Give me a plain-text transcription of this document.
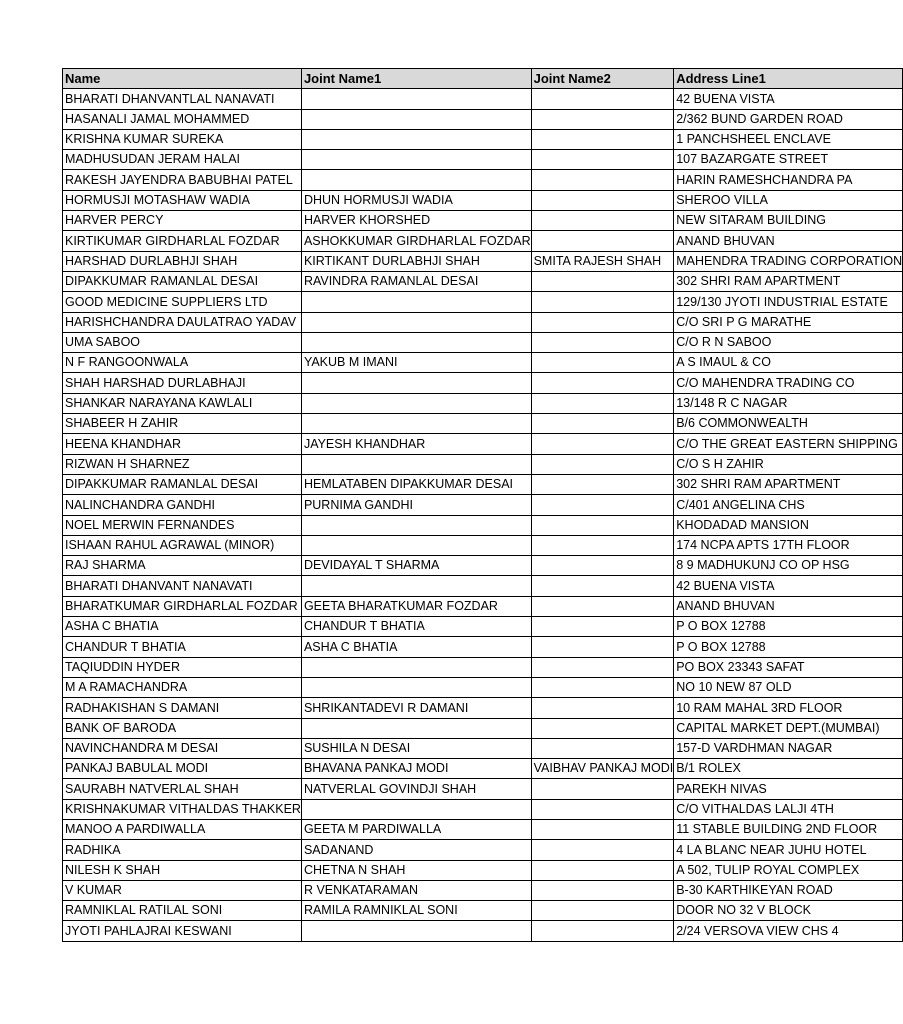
Name	Joint Name1	Joint Name2	Address Line1
BHARATI DHANVANTLAL NANAVATI			42 BUENA VISTA
HASANALI JAMAL MOHAMMED			2/362 BUND GARDEN ROAD
KRISHNA KUMAR SUREKA			1 PANCHSHEEL ENCLAVE
MADHUSUDAN JERAM HALAI			107 BAZARGATE STREET
RAKESH JAYENDRA BABUBHAI PATEL			HARIN RAMESHCHANDRA PA
HORMUSJI MOTASHAW WADIA	DHUN HORMUSJI WADIA		SHEROO VILLA
HARVER PERCY	HARVER KHORSHED		NEW SITARAM BUILDING
KIRTIKUMAR GIRDHARLAL FOZDAR	ASHOKKUMAR GIRDHARLAL FOZDAR		ANAND BHUVAN
HARSHAD DURLABHJI SHAH	KIRTIKANT DURLABHJI SHAH	SMITA RAJESH SHAH	MAHENDRA TRADING CORPORATION
DIPAKKUMAR RAMANLAL DESAI	RAVINDRA RAMANLAL DESAI		302 SHRI RAM APARTMENT
GOOD MEDICINE SUPPLIERS LTD			129/130 JYOTI INDUSTRIAL ESTATE
HARISHCHANDRA DAULATRAO YADAV			C/O SRI P G MARATHE
UMA SABOO			C/O R N SABOO
N F RANGOONWALA	YAKUB M IMANI		A S IMAUL & CO
SHAH HARSHAD DURLABHAJI			C/O MAHENDRA TRADING CO
SHANKAR NARAYANA KAWLALI			13/148 R C NAGAR
SHABEER H ZAHIR			B/6 COMMONWEALTH
HEENA KHANDHAR	JAYESH KHANDHAR		C/O THE GREAT EASTERN SHIPPING
RIZWAN H SHARNEZ			C/O S H ZAHIR
DIPAKKUMAR RAMANLAL DESAI	HEMLATABEN DIPAKKUMAR DESAI		302 SHRI RAM APARTMENT
NALINCHANDRA GANDHI	PURNIMA GANDHI		C/401 ANGELINA CHS
NOEL MERWIN FERNANDES			KHODADAD MANSION
ISHAAN RAHUL AGRAWAL (MINOR)			174 NCPA APTS 17TH FLOOR
RAJ SHARMA	DEVIDAYAL T SHARMA		8 9 MADHUKUNJ CO OP HSG
BHARATI DHANVANT NANAVATI			42 BUENA VISTA
BHARATKUMAR GIRDHARLAL FOZDAR	GEETA BHARATKUMAR FOZDAR		ANAND BHUVAN
ASHA C BHATIA	CHANDUR T BHATIA		P O BOX 12788
CHANDUR T BHATIA	ASHA C BHATIA		P O BOX 12788
TAQIUDDIN HYDER			PO BOX 23343 SAFAT
M A RAMACHANDRA			NO 10 NEW 87 OLD
RADHAKISHAN S DAMANI	SHRIKANTADEVI R DAMANI		10 RAM MAHAL 3RD FLOOR
BANK OF BARODA			CAPITAL MARKET DEPT.(MUMBAI)
NAVINCHANDRA M DESAI	SUSHILA N DESAI		157-D VARDHMAN NAGAR
PANKAJ BABULAL MODI	BHAVANA PANKAJ MODI	VAIBHAV PANKAJ MODI	B/1 ROLEX
SAURABH NATVERLAL SHAH	NATVERLAL GOVINDJI SHAH		PAREKH NIVAS
KRISHNAKUMAR VITHALDAS THAKKER			C/O VITHALDAS LALJI 4TH
MANOO A PARDIWALLA	GEETA M PARDIWALLA		11 STABLE BUILDING 2ND FLOOR
RADHIKA	SADANAND		4 LA BLANC NEAR JUHU HOTEL
NILESH K SHAH	CHETNA N SHAH		A 502, TULIP ROYAL COMPLEX
V KUMAR	R VENKATARAMAN		B-30 KARTHIKEYAN ROAD
RAMNIKLAL RATILAL SONI	RAMILA RAMNIKLAL SONI		DOOR NO 32 V BLOCK
JYOTI PAHLAJRAI KESWANI			2/24 VERSOVA VIEW CHS 4
